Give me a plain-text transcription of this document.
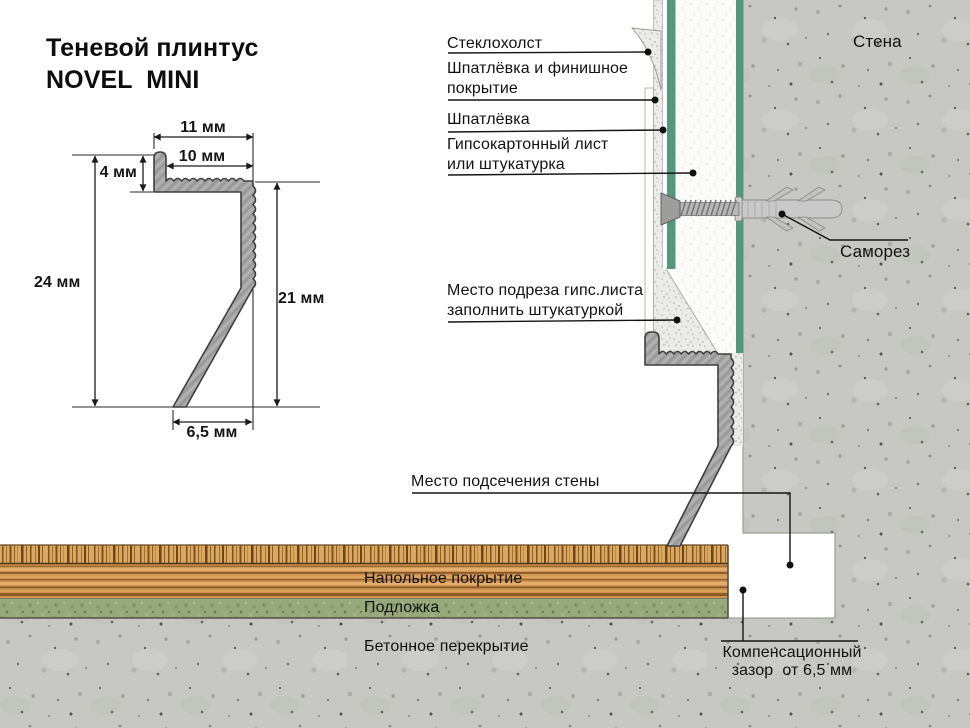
Теневой плинтус
NOVEL  MINI
Стена
Стеклохолст
Шпатлёвка и финишное
покрытие
Шпатлёвка
Гипсокартонный лист
или штукатурка
Место подреза гипс.листа
заполнить штукатуркой
Саморез
Место подсечения стены
Напольное покрытие
Подложка
Бетонное перекрытие	Компенсационный
зазор  от 6,5 мм
11 мм
10 мм
4 мм
24 мм
21 мм
6,5 мм
